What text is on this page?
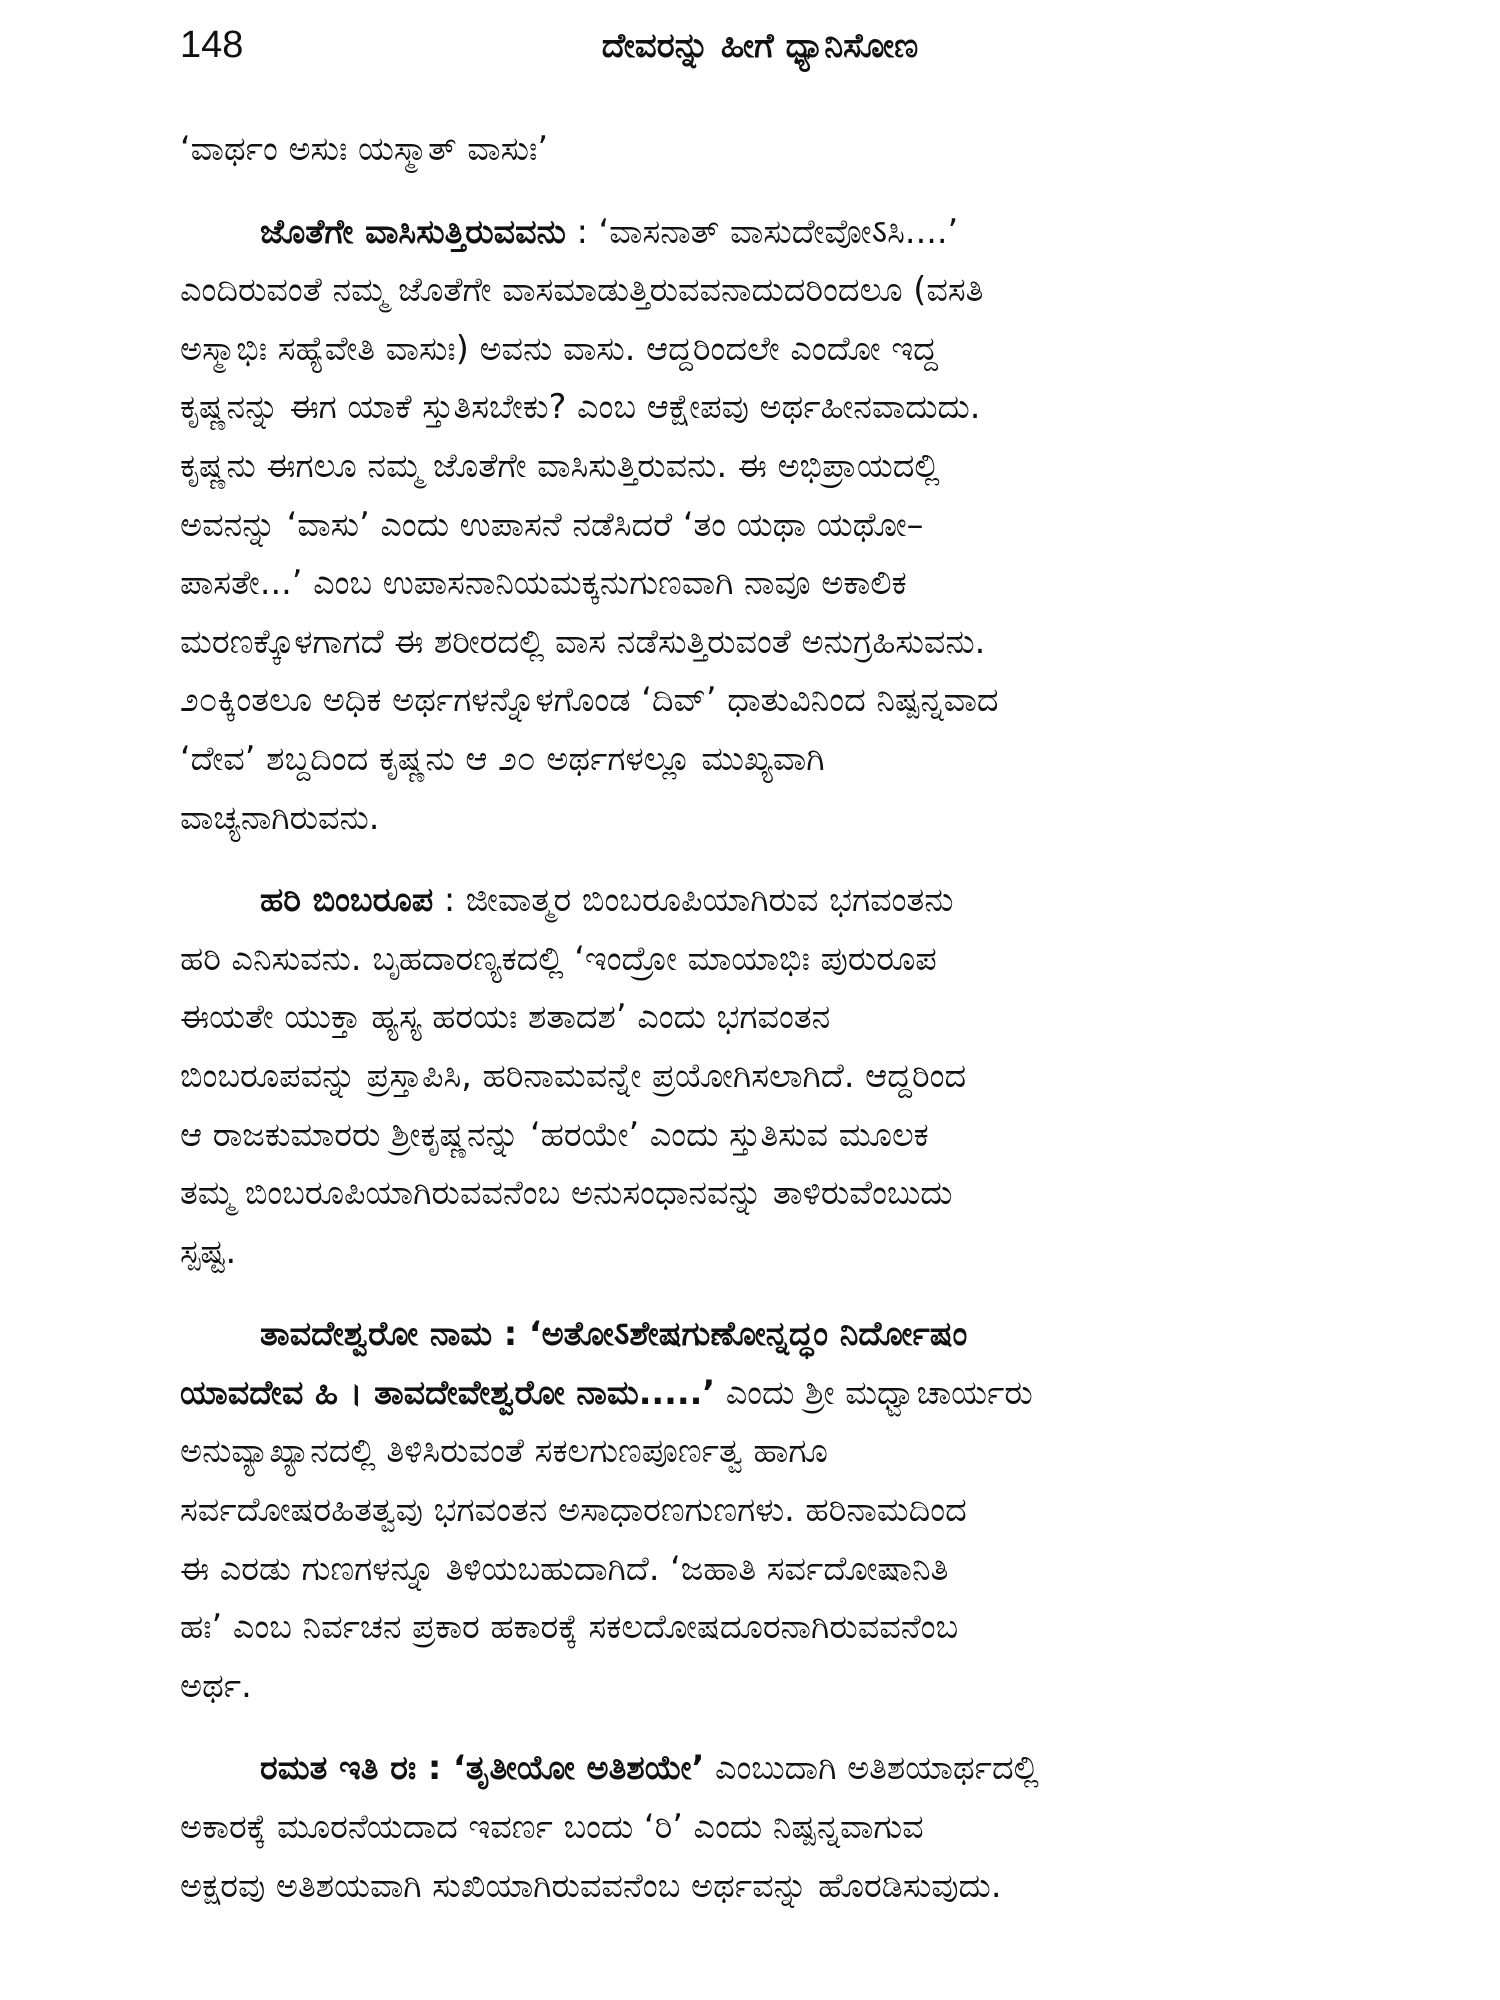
148	ದೇವರನ್ನು ಹೀಗೆ ಧ್ಯಾನಿಸೋಣ
‘ವಾರ್ಥಂ ಅಸುಃ ಯಸ್ಮಾತ್ ವಾಸುಃ’
ಜೊತೆಗೇ ವಾಸಿಸುತ್ತಿರುವವನು : ‘ವಾಸನಾತ್ ವಾಸುದೇವೋऽಸಿ....’
ಎಂದಿರುವಂತೆ ನಮ್ಮ ಜೊತೆಗೇ ವಾಸಮಾಡುತ್ತಿರುವವನಾದುದರಿಂದಲೂ (ವಸತಿ
ಅಸ್ಮಾಭಿಃ ಸಹ್ಯೆವೇತಿ ವಾಸುಃ) ಅವನು ವಾಸು. ಆದ್ದರಿಂದಲೇ ಎಂದೋ ಇದ್ದ
ಕೃಷ್ಣನನ್ನು ಈಗ ಯಾಕೆ ಸ್ತುತಿಸಬೇಕು? ಎಂಬ ಆಕ್ಷೇಪವು ಅರ್ಥಹೀನವಾದುದು.
ಕೃಷ್ಣನು ಈಗಲೂ ನಮ್ಮ ಜೊತೆಗೇ ವಾಸಿಸುತ್ತಿರುವನು. ಈ ಅಭಿಪ್ರಾಯದಲ್ಲಿ
ಅವನನ್ನು ‘ವಾಸು’ ಎಂದು ಉಪಾಸನೆ ನಡೆಸಿದರೆ ‘ತಂ ಯಥಾ ಯಥೋ–
ಪಾಸತೇ...’ ಎಂಬ ಉಪಾಸನಾನಿಯಮಕ್ಕನುಗುಣವಾಗಿ ನಾವೂ ಅಕಾಲಿಕ
ಮರಣಕ್ಕೊಳಗಾಗದೆ ಈ ಶರೀರದಲ್ಲಿ ವಾಸ ನಡೆಸುತ್ತಿರುವಂತೆ ಅನುಗ್ರಹಿಸುವನು.
೨೦ಕ್ಕಿಂತಲೂ ಅಧಿಕ ಅರ್ಥಗಳನ್ನೊಳಗೊಂಡ ‘ದಿವ್’ ಧಾತುವಿನಿಂದ ನಿಷ್ಪನ್ನವಾದ
‘ದೇವ’ ಶಬ್ದದಿಂದ ಕೃಷ್ಣನು ಆ ೨೦ ಅರ್ಥಗಳಲ್ಲೂ ಮುಖ್ಯವಾಗಿ
ವಾಚ್ಯನಾಗಿರುವನು.
ಹರಿ ಬಿಂಬರೂಪ : ಜೀವಾತ್ಮರ ಬಿಂಬರೂಪಿಯಾಗಿರುವ ಭಗವಂತನು
ಹರಿ ಎನಿಸುವನು. ಬೃಹದಾರಣ್ಯಕದಲ್ಲಿ ‘ಇಂದ್ರೋ ಮಾಯಾಭಿಃ ಪುರುರೂಪ
ಈಯತೇ ಯುಕ್ತಾ ಹ್ಯಸ್ಯ ಹರಯಃ ಶತಾದಶ’ ಎಂದು ಭಗವಂತನ
ಬಿಂಬರೂಪವನ್ನು ಪ್ರಸ್ತಾಪಿಸಿ, ಹರಿನಾಮವನ್ನೇ ಪ್ರಯೋಗಿಸಲಾಗಿದೆ. ಆದ್ದರಿಂದ
ಆ ರಾಜಕುಮಾರರು ಶ್ರೀಕೃಷ್ಣನನ್ನು ‘ಹರಯೇ’ ಎಂದು ಸ್ತುತಿಸುವ ಮೂಲಕ
ತಮ್ಮ ಬಿಂಬರೂಪಿಯಾಗಿರುವವನೆಂಬ ಅನುಸಂಧಾನವನ್ನು ತಾಳಿರುವೆಂಬುದು
ಸ್ಪಷ್ಟ.
ತಾವದೇಶ್ವರೋ ನಾಮ : ‘ಅತೋऽಶೇಷಗುಣೋನ್ನದ್ಧಂ ನಿರ್ದೋಷಂ
ಯಾವದೇವ ಹಿ । ತಾವದೇವೇಶ್ವರೋ ನಾಮ.....’ ಎಂದು ಶ್ರೀ ಮಧ್ವಾಚಾರ್ಯರು
ಅನುವ್ಯಾಖ್ಯಾನದಲ್ಲಿ ತಿಳಿಸಿರುವಂತೆ ಸಕಲಗುಣಪೂರ್ಣತ್ವ ಹಾಗೂ
ಸರ್ವದೋಷರಹಿತತ್ವವು ಭಗವಂತನ ಅಸಾಧಾರಣಗುಣಗಳು. ಹರಿನಾಮದಿಂದ
ಈ ಎರಡು ಗುಣಗಳನ್ನೂ ತಿಳಿಯಬಹುದಾಗಿದೆ. ‘ಜಹಾತಿ ಸರ್ವದೋಷಾನಿತಿ
ಹಃ’ ಎಂಬ ನಿರ್ವಚನ ಪ್ರಕಾರ ಹಕಾರಕ್ಕೆ ಸಕಲದೋಷದೂರನಾಗಿರುವವನೆಂಬ
ಅರ್ಥ.
ರಮತ ಇತಿ ರಃ : ‘ತೃತೀಯೋ ಅತಿಶಯೇ’ ಎಂಬುದಾಗಿ ಅತಿಶಯಾರ್ಥದಲ್ಲಿ
ಅಕಾರಕ್ಕೆ ಮೂರನೆಯದಾದ ಇವರ್ಣ ಬಂದು ‘ರಿ’ ಎಂದು ನಿಷ್ಪನ್ನವಾಗುವ
ಅಕ್ಷರವು ಅತಿಶಯವಾಗಿ ಸುಖಿಯಾಗಿರುವವನೆಂಬ ಅರ್ಥವನ್ನು ಹೊರಡಿಸುವುದು.
